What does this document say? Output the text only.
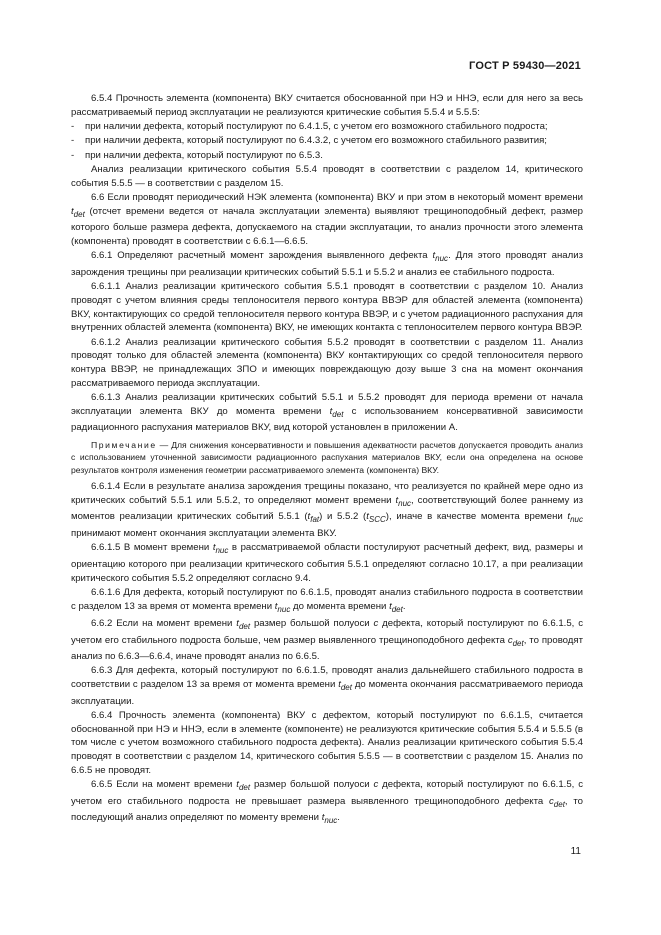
ГОСТ Р 59430—2021

6.5.4 Прочность элемента (компонента) ВКУ считается обоснованной при НЭ и ННЭ, если для него за весь рассматриваемый период эксплуатации не реализуются критические события 5.5.4 и 5.5.5:

- при наличии дефекта, который постулируют по 6.4.1.5, с учетом его возможного стабильного подроста;

- при наличии дефекта, который постулируют по 6.4.3.2, с учетом его возможного стабильного развития;

- при наличии дефекта, который постулируют по 6.5.3.

Анализ реализации критического события 5.5.4 проводят в соответствии с разделом 14, критического события 5.5.5 — в соответствии с разделом 15.

6.6 Если проводят периодический НЭК элемента (компонента) ВКУ и при этом в некоторый момент времени $t_{det}$ (отсчет времени ведется от начала эксплуатации элемента) выявляют трещиноподобный дефект, размер которого больше размера дефекта, допускаемого на стадии эксплуатации, то анализ прочности этого элемента (компонента) проводят в соответствии с 6.6.1—6.6.5.

6.6.1 Определяют расчетный момент зарождения выявленного дефекта $t_{nuc}$. Для этого проводят анализ зарождения трещины при реализации критических событий 5.5.1 и 5.5.2 и анализ ее стабильного подроста.

6.6.1.1 Анализ реализации критического события 5.5.1 проводят в соответствии с разделом 10. Анализ проводят с учетом влияния среды теплоносителя первого контура ВВЭР для областей элемента (компонента) ВКУ, контактирующих со средой теплоносителя первого контура ВВЭР, и с учетом радиационного распухания для внутренних областей элемента (компонента) ВКУ, не имеющих контакта с теплоносителем первого контура ВВЭР.

6.6.1.2 Анализ реализации критического события 5.5.2 проводят в соответствии с разделом 11. Анализ проводят только для областей элемента (компонента) ВКУ контактирующих со средой теплоносителя первого контура ВВЭР, не принадлежащих ЗПО и имеющих повреждающую дозу выше 3 сна на момент окончания рассматриваемого периода эксплуатации.

6.6.1.3 Анализ реализации критических событий 5.5.1 и 5.5.2 проводят для периода времени от начала эксплуатации элемента ВКУ до момента времени $t_{det}$ с использованием консервативной зависимости радиационного распухания материалов ВКУ, вид которой установлен в приложении А.

Примечание — Для снижения консервативности и повышения адекватности расчетов допускается проводить анализ с использованием уточненной зависимости радиационного распухания материалов ВКУ, если она определена на основе результатов контроля изменения геометрии рассматриваемого элемента (компонента) ВКУ.

6.6.1.4 Если в результате анализа зарождения трещины показано, что реализуется по крайней мере одно из критических событий 5.5.1 или 5.5.2, то определяют момент времени $t_{nuc}$, соответствующий более раннему из моментов реализации критических событий 5.5.1 $(t_{fat})$ и 5.5.2 $(t_{SCC})$, иначе в качестве момента времени $t_{nuc}$ принимают момент окончания эксплуатации элемента ВКУ.

6.6.1.5 В момент времени $t_{nuc}$ в рассматриваемой области постулируют расчетный дефект, вид, размеры и ориентацию которого при реализации критического события 5.5.1 определяют согласно 10.17, а при реализации критического события 5.5.2 определяют согласно 9.4.

6.6.1.6 Для дефекта, который постулируют по 6.6.1.5, проводят анализ стабильного подроста в соответствии с разделом 13 за время от момента времени $t_{nuc}$ до момента времени $t_{det}$.

6.6.2 Если на момент времени $t_{det}$ размер большой полуоси c дефекта, который постулируют по 6.6.1.5, с учетом его стабильного подроста больше, чем размер выявленного трещиноподобного дефекта $c_{det}$, то проводят анализ по 6.6.3—6.6.4, иначе проводят анализ по 6.6.5.

6.6.3 Для дефекта, который постулируют по 6.6.1.5, проводят анализ дальнейшего стабильного подроста в соответствии с разделом 13 за время от момента времени $t_{det}$ до момента окончания рассматриваемого периода эксплуатации.

6.6.4 Прочность элемента (компонента) ВКУ с дефектом, который постулируют по 6.6.1.5, считается обоснованной при НЭ и ННЭ, если в элементе (компоненте) не реализуются критические события 5.5.4 и 5.5.5 (в том числе с учетом возможного стабильного подроста дефекта). Анализ реализации критического события 5.5.4 проводят в соответствии с разделом 14, критического события 5.5.5 — в соответствии с разделом 15. Анализ по 6.6.5 не проводят.

6.6.5 Если на момент времени $t_{det}$ размер большой полуоси c дефекта, который постулируют по 6.6.1.5, с учетом его стабильного подроста не превышает размера выявленного трещиноподобного дефекта $c_{det}$, то последующий анализ определяют по моменту времени $t_{nuc}$.

11
